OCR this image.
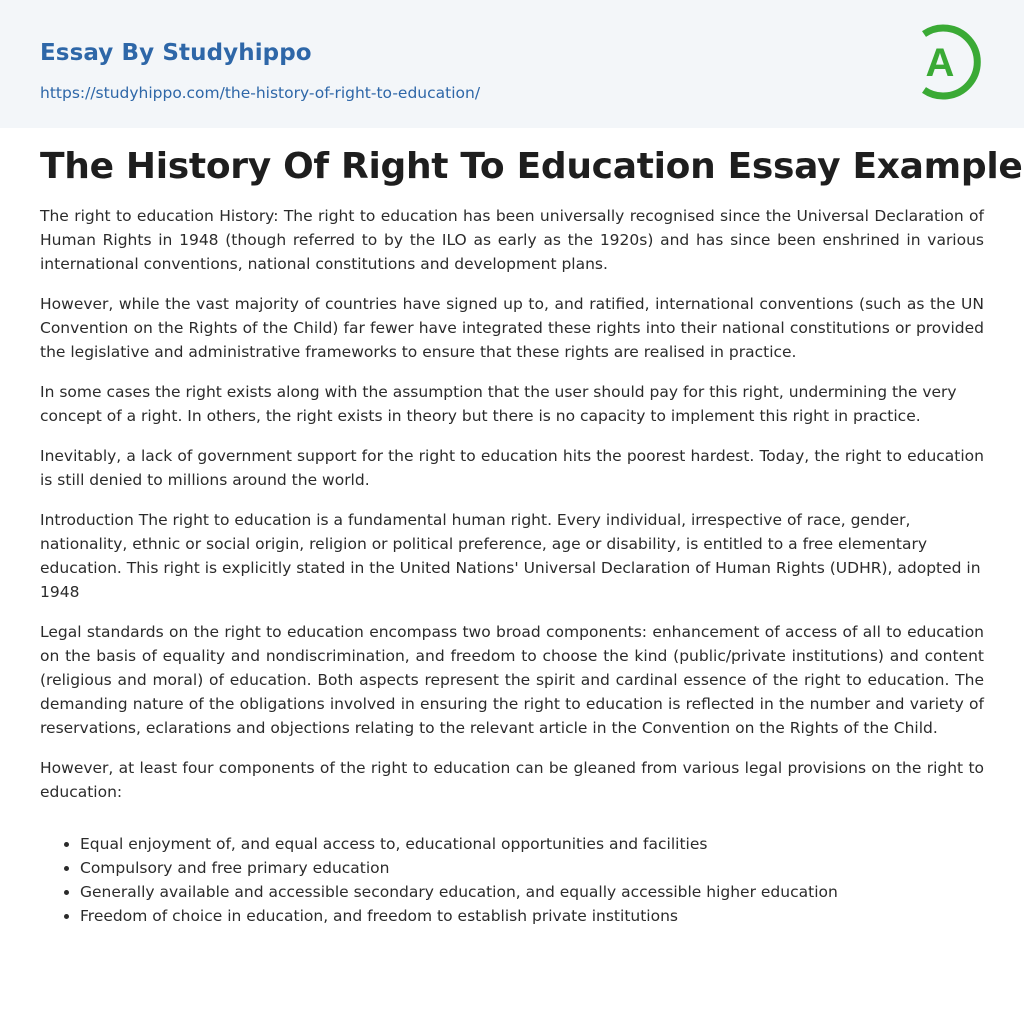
Essay By Studyhippo
https://studyhippo.com/the-history-of-right-to-education/
A
The History Of Right To Education Essay Example

The right to education History: The right to education has been universally recognised since the Universal Declaration of Human Rights in 1948 (though referred to by the ILO as early as the 1920s) and has since been enshrined in various international conventions, national constitutions and development plans.

However, while the vast majority of countries have signed up to, and ratified, international conventions (such as the UN Convention on the Rights of the Child) far fewer have integrated these rights into their national constitutions or provided the legislative and administrative frameworks to ensure that these rights are realised in practice.

In some cases the right exists along with the assumption that the user should pay for this right, undermining the very concept of a right. In others, the right exists in theory but there is no capacity to implement this right in practice.

Inevitably, a lack of government support for the right to education hits the poorest hardest. Today, the right to education is still denied to millions around the world.

Introduction The right to education is a fundamental human right. Every individual, irrespective of race, gender, nationality, ethnic or social origin, religion or political preference, age or disability, is entitled to a free elementary education. This right is explicitly stated in the United Nations' Universal Declaration of Human Rights (UDHR), adopted in 1948

Legal standards on the right to education encompass two broad components: enhancement of access of all to education on the basis of equality and nondiscrimination, and freedom to choose the kind (public/private institutions) and content (religious and moral) of education. Both aspects represent the spirit and cardinal essence of the right to education. The demanding nature of the obligations involved in ensuring the right to education is reflected in the number and variety of reservations, eclarations and objections relating to the relevant article in the Convention on the Rights of the Child.

However, at least four components of the right to education can be gleaned from various legal provisions on the right to education:

• Equal enjoyment of, and equal access to, educational opportunities and facilities
• Compulsory and free primary education
• Generally available and accessible secondary education, and equally accessible higher education
• Freedom of choice in education, and freedom to establish private institutions
